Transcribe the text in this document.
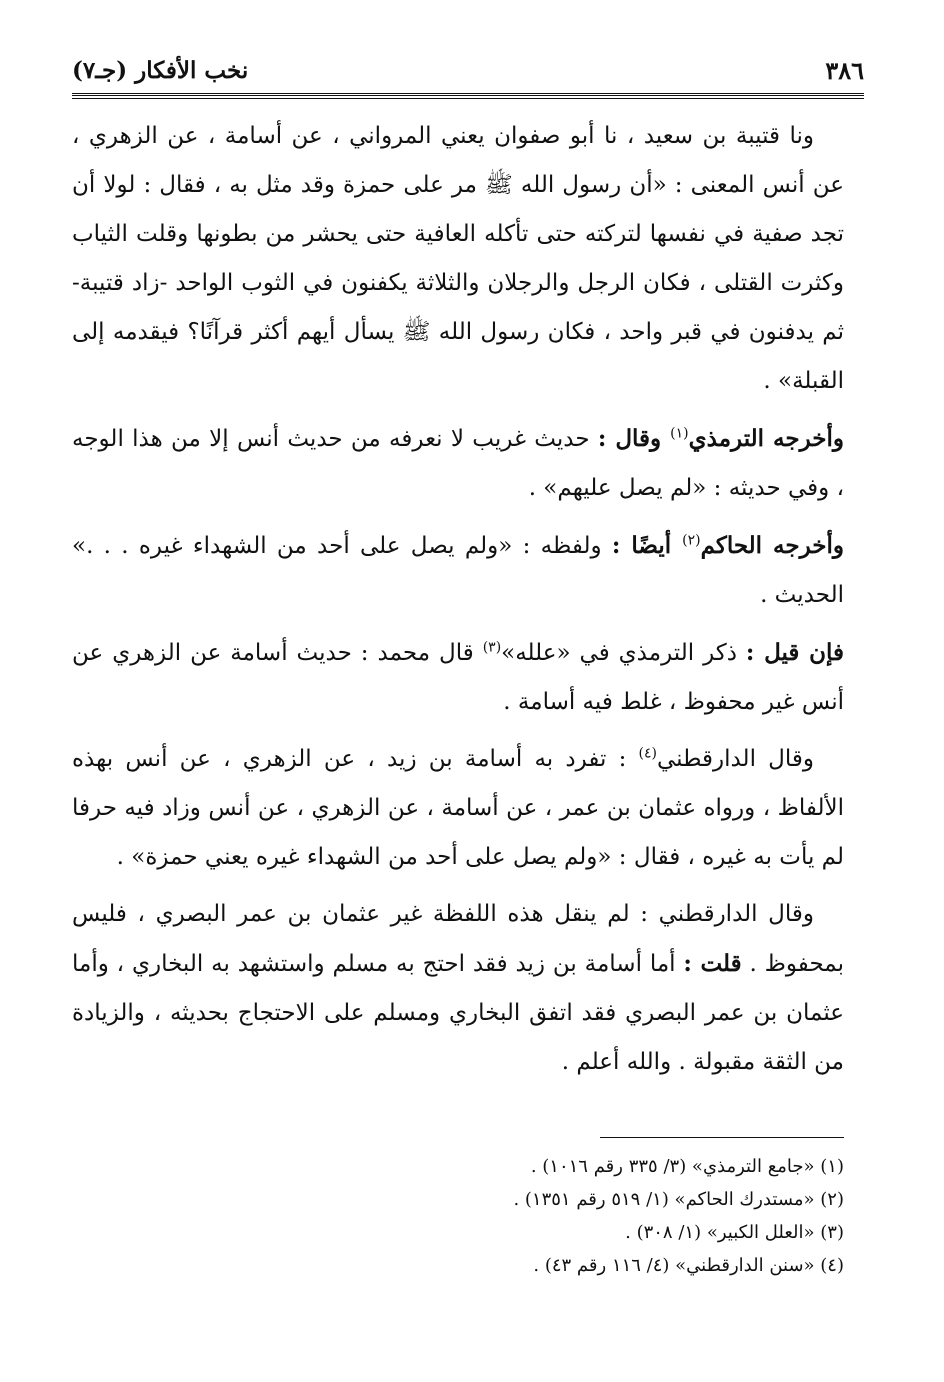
نخب الأفكار (جـ٧)	٣٨٦

ونا قتيبة بن سعيد ، نا أبو صفوان يعني المرواني ، عن أسامة ، عن الزهري ، عن أنس المعنى : «أن رسول الله ﷺ مر على حمزة وقد مثل به ، فقال : لولا أن تجد صفية في نفسها لتركته حتى تأكله العافية حتى يحشر من بطونها وقلت الثياب وكثرت القتلى ، فكان الرجل والرجلان والثلاثة يكفنون في الثوب الواحد -زاد قتيبة- ثم يدفنون في قبر واحد ، فكان رسول الله ﷺ يسأل أيهم أكثر قرآنًا؟ فيقدمه إلى القبلة» .

وأخرجه الترمذي$^{(١)}$ وقال : حديث غريب لا نعرفه من حديث أنس إلا من هذا الوجه ، وفي حديثه : «لم يصل عليهم» .

وأخرجه الحاكم$^{(٢)}$ أيضًا : ولفظه : «ولم يصل على أحد من الشهداء غيره . . .» الحديث .

فإن قيل : ذكر الترمذي في «علله»$^{(٣)}$ قال محمد : حديث أسامة عن الزهري عن أنس غير محفوظ ، غلط فيه أسامة .

وقال الدارقطني$^{(٤)}$ : تفرد به أسامة بن زيد ، عن الزهري ، عن أنس بهذه الألفاظ ، ورواه عثمان بن عمر ، عن أسامة ، عن الزهري ، عن أنس وزاد فيه حرفا لم يأت به غيره ، فقال : «ولم يصل على أحد من الشهداء غيره يعني حمزة» .

وقال الدارقطني : لم ينقل هذه اللفظة غير عثمان بن عمر البصري ، فليس بمحفوظ . قلت : أما أسامة بن زيد فقد احتج به مسلم واستشهد به البخاري ، وأما عثمان بن عمر البصري فقد اتفق البخاري ومسلم على الاحتجاج بحديثه ، والزيادة من الثقة مقبولة . والله أعلم .

(١) «جامع الترمذي» (٣/ ٣٣٥ رقم ١٠١٦) .
(٢) «مستدرك الحاكم» (١/ ٥١٩ رقم ١٣٥١) .
(٣) «العلل الكبير» (١/ ٣٠٨) .
(٤) «سنن الدارقطني» (٤/ ١١٦ رقم ٤٣) .
